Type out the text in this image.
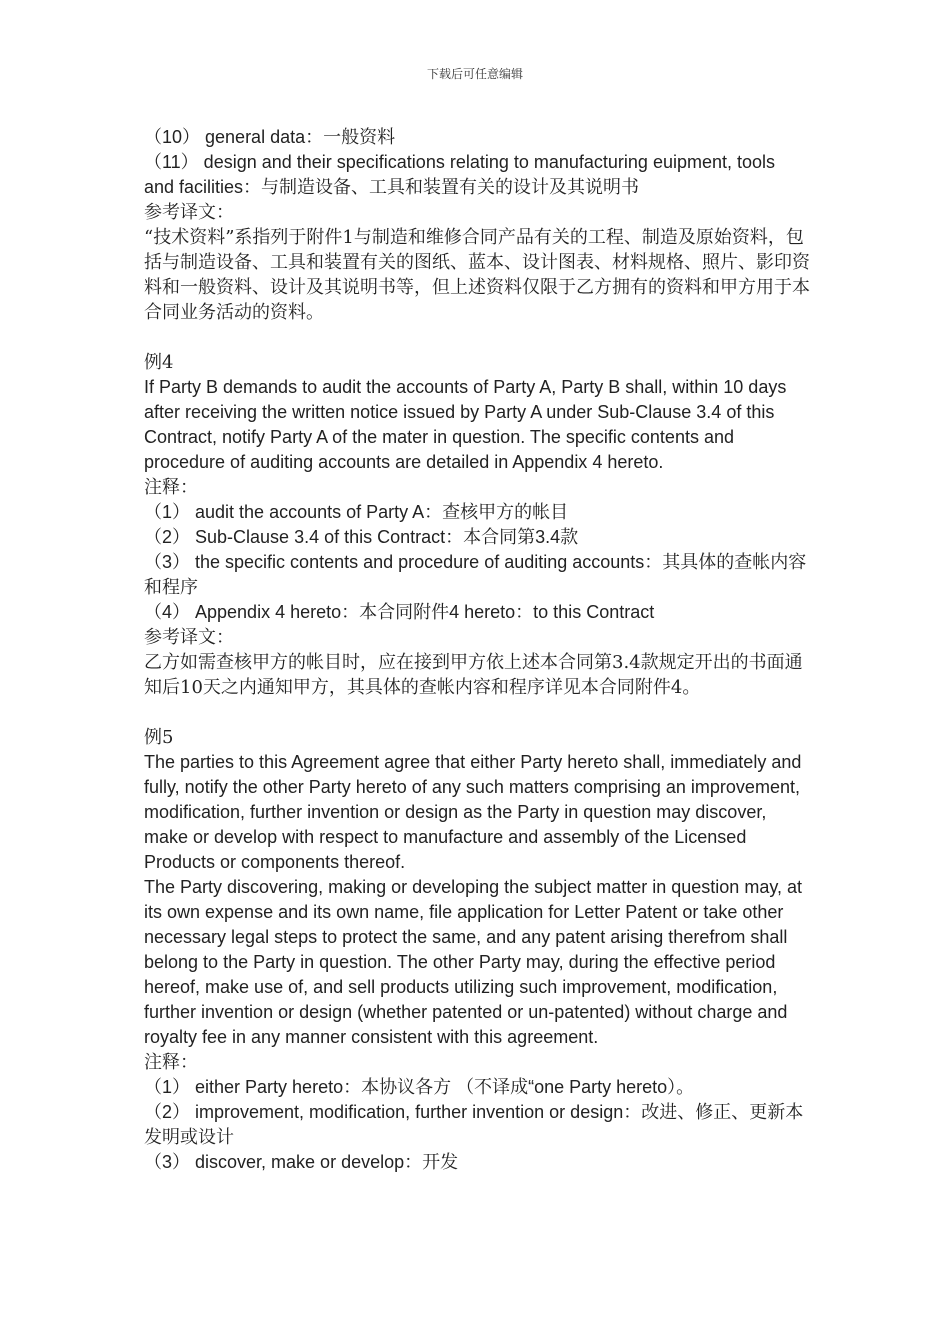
下载后可任意编辑

（10） general data：一般资料

（11） design and their specifications relating to manufacturing euipment, tools and facilities：与制造设备、工具和装置有关的设计及其说明书

参考译文：

“技术资料”系指列于附件1与制造和维修合同产品有关的工程、制造及原始资料，包括与制造设备、工具和装置有关的图纸、蓝本、设计图表、材料规格、照片、影印资料和一般资料、设计及其说明书等，但上述资料仅限于乙方拥有的资料和甲方用于本合同业务活动的资料。

例4

If Party B demands to audit the accounts of Party A, Party B shall, within 10 days after receiving the written notice issued by Party A under Sub-Clause 3.4 of this Contract, notify Party A of the mater in question. The specific contents and procedure of auditing accounts are detailed in Appendix 4 hereto.

注释：

（1） audit the accounts of Party A：查核甲方的帐目

（2） Sub-Clause 3.4 of this Contract：本合同第3.4款

（3） the specific contents and procedure of auditing accounts：其具体的查帐内容和程序

（4） Appendix 4 hereto：本合同附件4 hereto：to this Contract

参考译文：

乙方如需查核甲方的帐目时，应在接到甲方依上述本合同第3.4款规定开出的书面通知后10天之内通知甲方，其具体的查帐内容和程序详见本合同附件4。

例5

The parties to this Agreement agree that either Party hereto shall, immediately and fully, notify the other Party hereto of any such matters comprising an improvement, modification, further invention or design as the Party in question may discover, make or develop with respect to manufacture and assembly of the Licensed Products or components thereof.

The Party discovering, making or developing the subject matter in question may, at its own expense and its own name, file application for Letter Patent or take other necessary legal steps to protect the same, and any patent arising therefrom shall belong to the Party in question. The other Party may, during the effective period hereof, make use of, and sell products utilizing such improvement, modification, further invention or design (whether patented or un-patented) without charge and royalty fee in any manner consistent with this agreement.

注释：

（1） either Party hereto：本协议各方 （不译成“one Party hereto）。

（2） improvement, modification, further invention or design：改进、修正、更新本发明或设计

（3） discover, make or develop：开发
